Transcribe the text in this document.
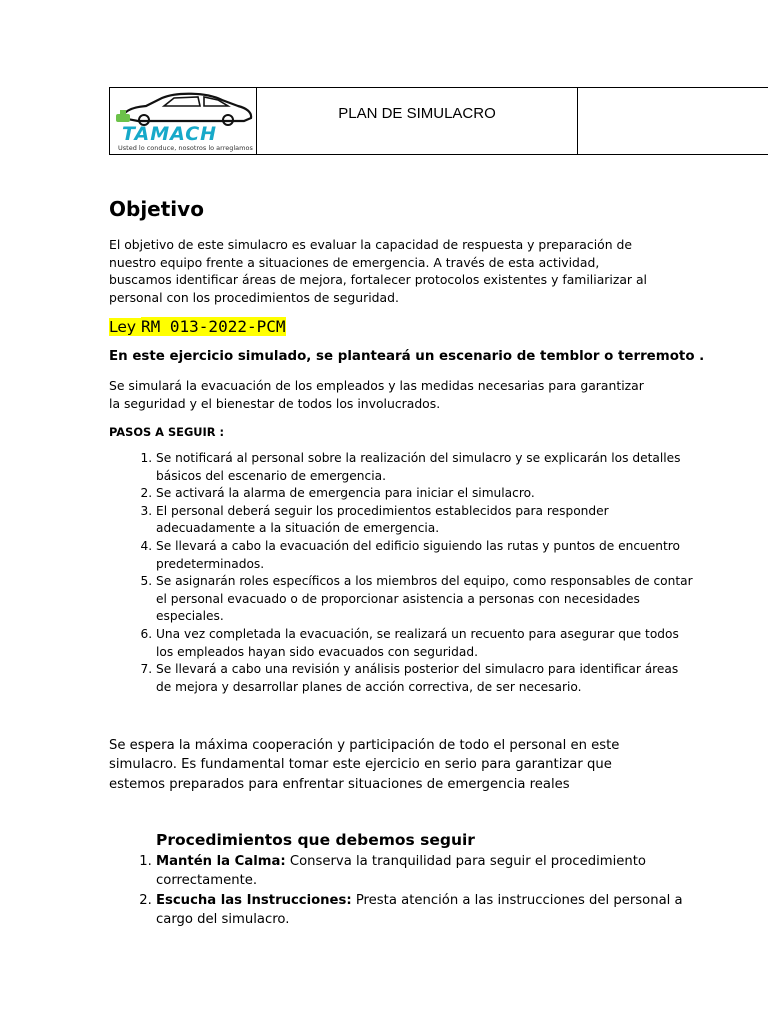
TAMACH
Usted lo conduce, nosotros lo arreglamos

PLAN DE SIMULACRO

Objetivo

El objetivo de este simulacro es evaluar la capacidad de respuesta y preparación de nuestro equipo frente a situaciones de emergencia. A través de esta actividad, buscamos identificar áreas de mejora, fortalecer protocolos existentes y familiarizar al personal con los procedimientos de seguridad.

Ley RM 013-2022-PCM

En este ejercicio simulado, se planteará un escenario de temblor o terremoto .

Se simulará la evacuación de los empleados y las medidas necesarias para garantizar la seguridad y el bienestar de todos los involucrados.

PASOS A SEGUIR :

1. Se notificará al personal sobre la realización del simulacro y se explicarán los detalles básicos del escenario de emergencia.
2. Se activará la alarma de emergencia para iniciar el simulacro.
3. El personal deberá seguir los procedimientos establecidos para responder adecuadamente a la situación de emergencia.
4. Se llevará a cabo la evacuación del edificio siguiendo las rutas y puntos de encuentro predeterminados.
5. Se asignarán roles específicos a los miembros del equipo, como responsables de contar el personal evacuado o de proporcionar asistencia a personas con necesidades especiales.
6. Una vez completada la evacuación, se realizará un recuento para asegurar que todos los empleados hayan sido evacuados con seguridad.
7. Se llevará a cabo una revisión y análisis posterior del simulacro para identificar áreas de mejora y desarrollar planes de acción correctiva, de ser necesario.

Se espera la máxima cooperación y participación de todo el personal en este simulacro. Es fundamental tomar este ejercicio en serio para garantizar que estemos preparados para enfrentar situaciones de emergencia reales

Procedimientos que debemos seguir
1. Mantén la Calma: Conserva la tranquilidad para seguir el procedimiento correctamente.
2. Escucha las Instrucciones: Presta atención a las instrucciones del personal a cargo del simulacro.
